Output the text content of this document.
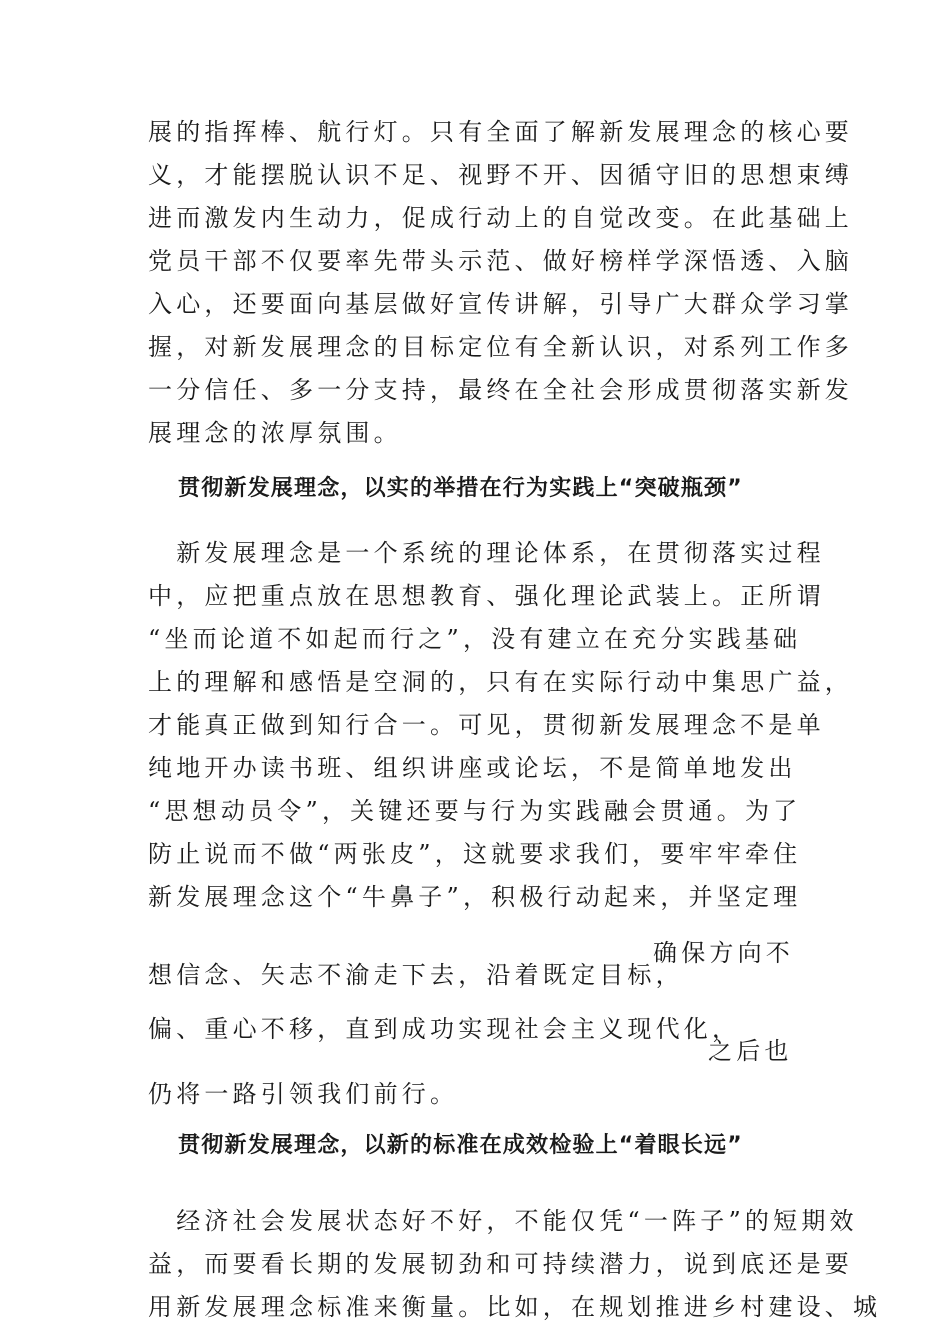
展的指挥棒、航行灯。只有全面了解新发展理念的核心要
义，才能摆脱认识不足、视野不开、因循守旧的思想束缚
进而激发内生动力，促成行动上的自觉改变。在此基础上
党员干部不仅要率先带头示范、做好榜样学深悟透、入脑
入心，还要面向基层做好宣传讲解，引导广大群众学习掌
握，对新发展理念的目标定位有全新认识，对系列工作多
一分信任、多一分支持，最终在全社会形成贯彻落实新发
展理念的浓厚氛围。
贯彻新发展理念，以实的举措在行为实践上“突破瓶颈”
　新发展理念是一个系统的理论体系，在贯彻落实过程
中，应把重点放在思想教育、强化理论武装上。正所谓
“坐而论道不如起而行之”，没有建立在充分实践基础
上的理解和感悟是空洞的，只有在实际行动中集思广益，
才能真正做到知行合一。可见，贯彻新发展理念不是单
纯地开办读书班、组织讲座或论坛，不是简单地发出
“思想动员令”，关键还要与行为实践融会贯通。为了
防止说而不做“两张皮”，这就要求我们，要牢牢牵住
新发展理念这个“牛鼻子”，积极行动起来，并坚定理
确保方向不
想信念、矢志不渝走下去，沿着既定目标，
偏、重心不移，直到成功实现社会主义现代化，
之后也
仍将一路引领我们前行。
贯彻新发展理念，以新的标准在成效检验上“着眼长远”
　经济社会发展状态好不好，不能仅凭“一阵子”的短期效
益，而要看长期的发展韧劲和可持续潜力，说到底还是要
用新发展理念标准来衡量。比如，在规划推进乡村建设、城
